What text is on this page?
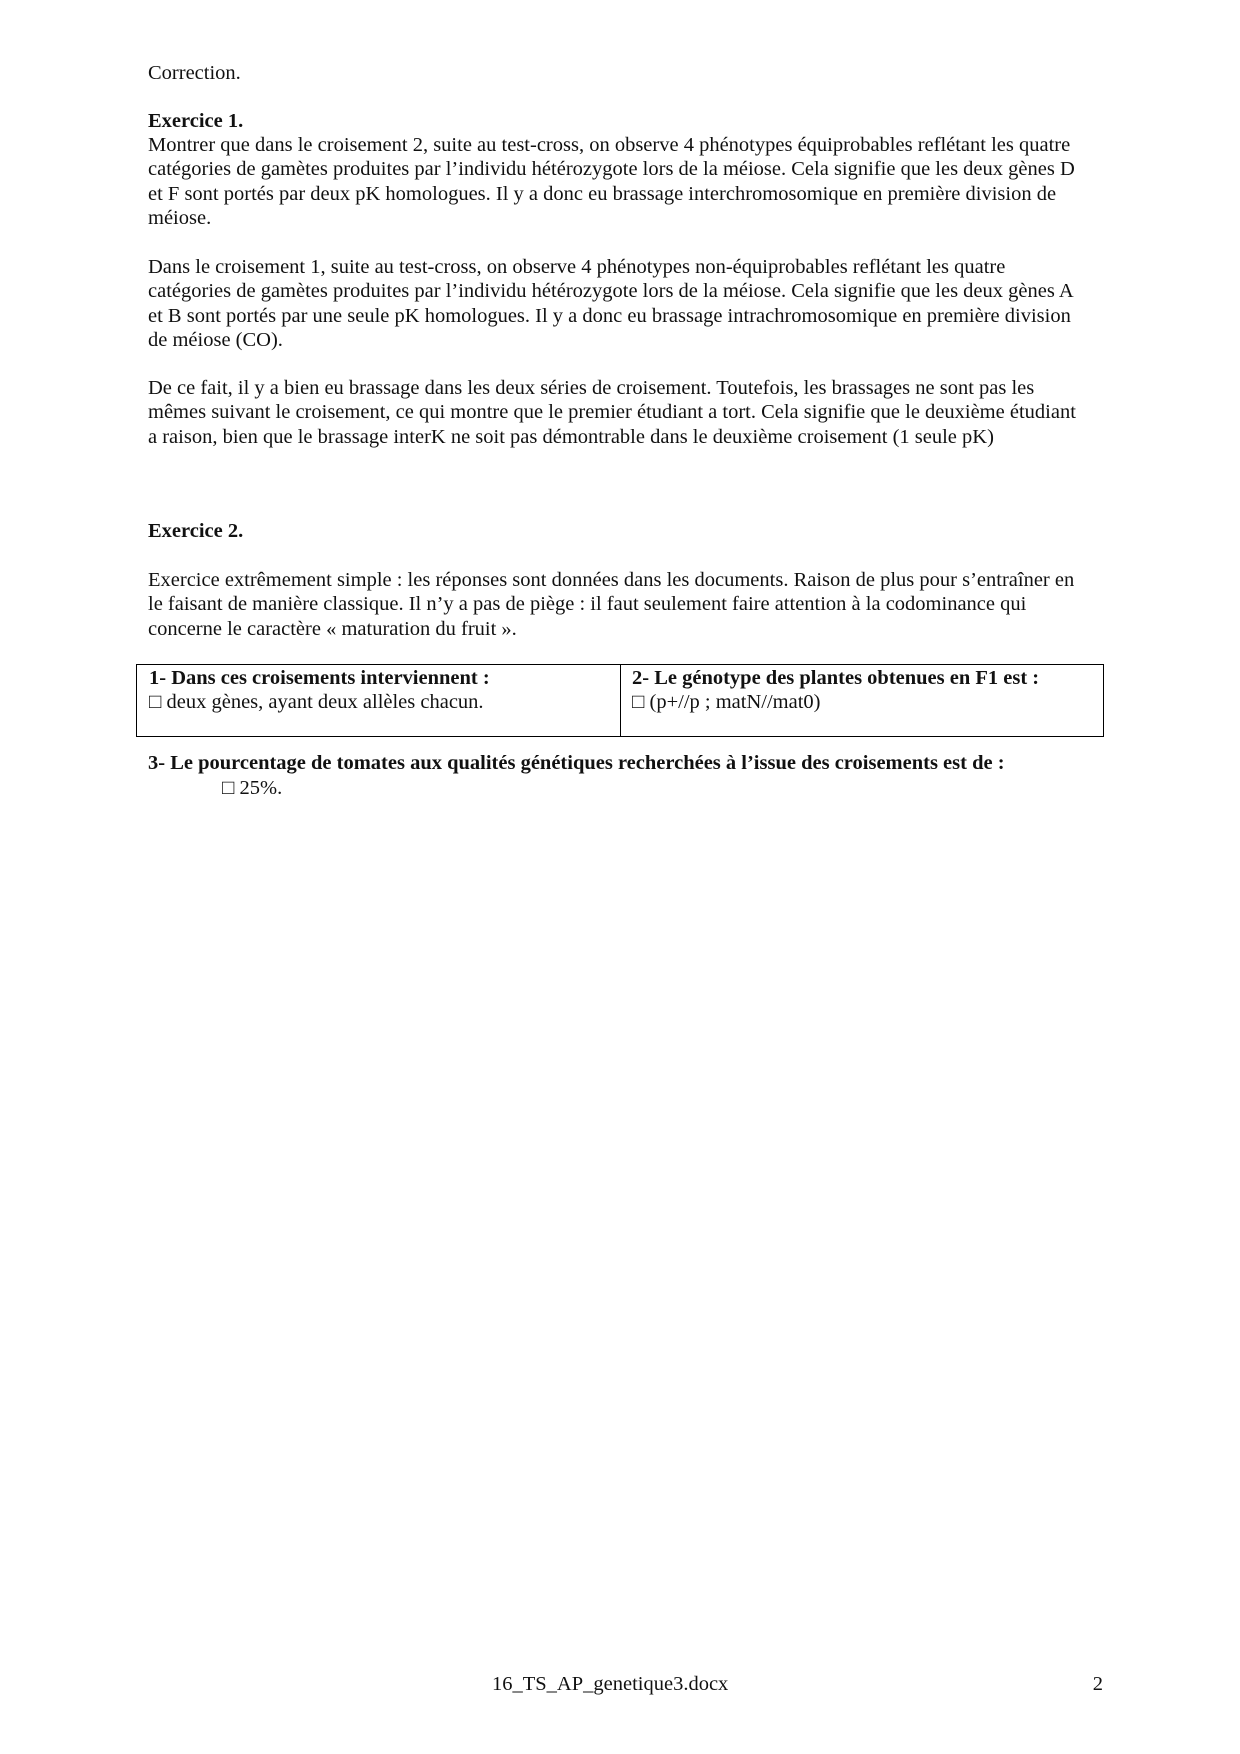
Correction.
Exercice 1.
Montrer que dans le croisement 2, suite au test-cross, on observe 4 phénotypes équiprobables reflétant les quatre
catégories de gamètes produites par l’individu hétérozygote lors de la méiose. Cela signifie que les deux gènes D
et F sont portés par deux pK homologues. Il y a donc eu brassage interchromosomique en première division de
méiose.
Dans le croisement 1, suite au test-cross, on observe 4 phénotypes non-équiprobables reflétant les quatre
catégories de gamètes produites par l’individu hétérozygote lors de la méiose. Cela signifie que les deux gènes A
et B sont portés par une seule pK homologues. Il y a donc eu brassage intrachromosomique en première division
de méiose (CO).
De ce fait, il y a bien eu brassage dans les deux séries de croisement. Toutefois, les brassages ne sont pas les
mêmes suivant le croisement, ce qui montre que le premier étudiant a tort. Cela signifie que le deuxième étudiant
a raison, bien que le brassage interK ne soit pas démontrable dans le deuxième croisement (1 seule pK)
Exercice 2.
Exercice extrêmement simple : les réponses sont données dans les documents. Raison de plus pour s’entraîner en
le faisant de manière classique. Il n’y a pas de piège : il faut seulement faire attention à la codominance qui
concerne le caractère « maturation du fruit ».
1- Dans ces croisements interviennent :
□ deux gènes, ayant deux allèles chacun.

2- Le génotype des plantes obtenues en F1 est :
□ (p+//p ; matN//mat0)
3- Le pourcentage de tomates aux qualités génétiques recherchées à l’issue des croisements est de :
□ 25%.
16_TS_AP_genetique3.docx	2
